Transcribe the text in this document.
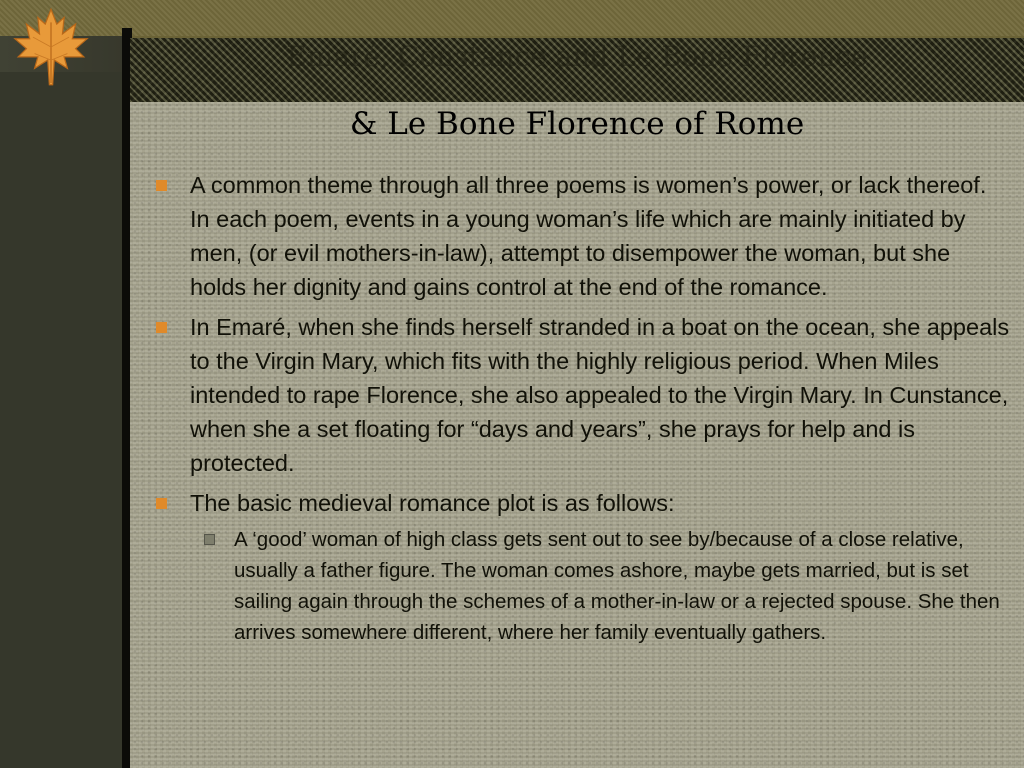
Emaré, Constance and Le Bone Florence
& Le Bone Florence of Rome
A common theme through all three poems is women’s power, or lack thereof. In each poem, events in a young woman’s life which are mainly initiated by men, (or evil mothers-in-law), attempt to disempower the woman, but she holds her dignity and gains control at the end of the romance.
In Emaré, when she finds herself stranded in a boat on the ocean, she appeals to the Virgin Mary, which fits with the highly religious period. When Miles intended to rape Florence, she also appealed to the Virgin Mary. In Cunstance, when she a set floating for “days and years”, she prays for help and is protected.
The basic medieval romance plot is as follows:
A ‘good’ woman of high class gets sent out to see by/because of a close relative, usually a father figure. The woman comes ashore, maybe gets married, but is set sailing again through the schemes of a mother-in-law or a rejected spouse. She then arrives somewhere different, where her family eventually gathers.
